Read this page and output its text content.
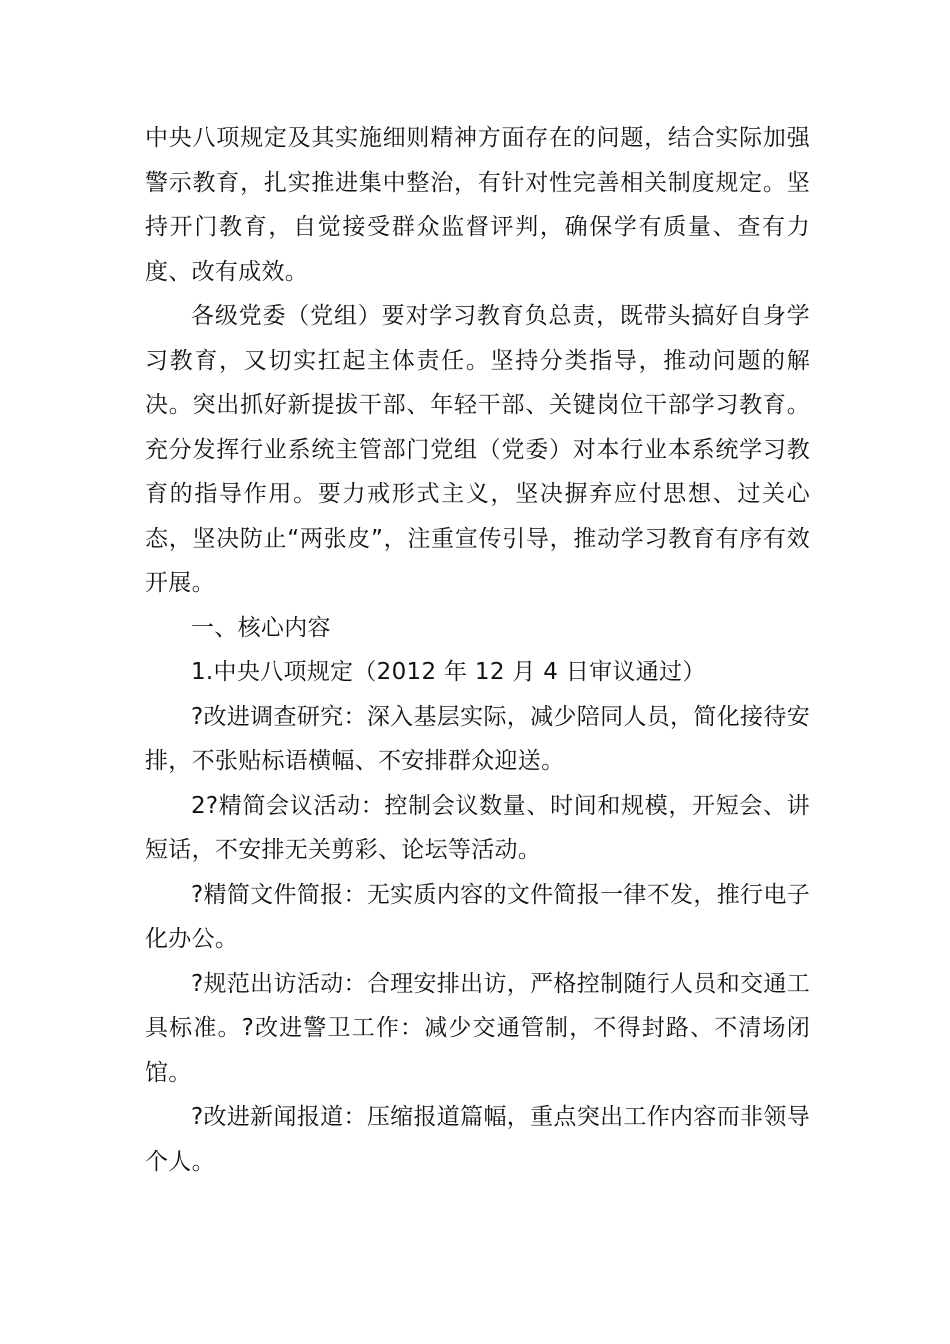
中央八项规定及其实施细则精神方面存在的问题，结合实际加强警示教育，扎实推进集中整治，有针对性完善相关制度规定。坚持开门教育，自觉接受群众监督评判，确保学有质量、查有力度、改有成效。

各级党委（党组）要对学习教育负总责，既带头搞好自身学习教育，又切实扛起主体责任。坚持分类指导，推动问题的解决。突出抓好新提拔干部、年轻干部、关键岗位干部学习教育。充分发挥行业系统主管部门党组（党委）对本行业本系统学习教育的指导作用。要力戒形式主义，坚决摒弃应付思想、过关心态，坚决防止“两张皮”，注重宣传引导，推动学习教育有序有效开展。

一、核心内容

1.中央八项规定（2012 年 12 月 4 日审议通过）

?改进调查研究：深入基层实际，减少陪同人员，简化接待安排，不张贴标语横幅、不安排群众迎送。

2?精简会议活动：控制会议数量、时间和规模，开短会、讲短话，不安排无关剪彩、论坛等活动。

?精简文件简报：无实质内容的文件简报一律不发，推行电子化办公。

?规范出访活动：合理安排出访，严格控制随行人员和交通工具标准。?改进警卫工作：减少交通管制，不得封路、不清场闭馆。

?改进新闻报道：压缩报道篇幅，重点突出工作内容而非领导个人。
